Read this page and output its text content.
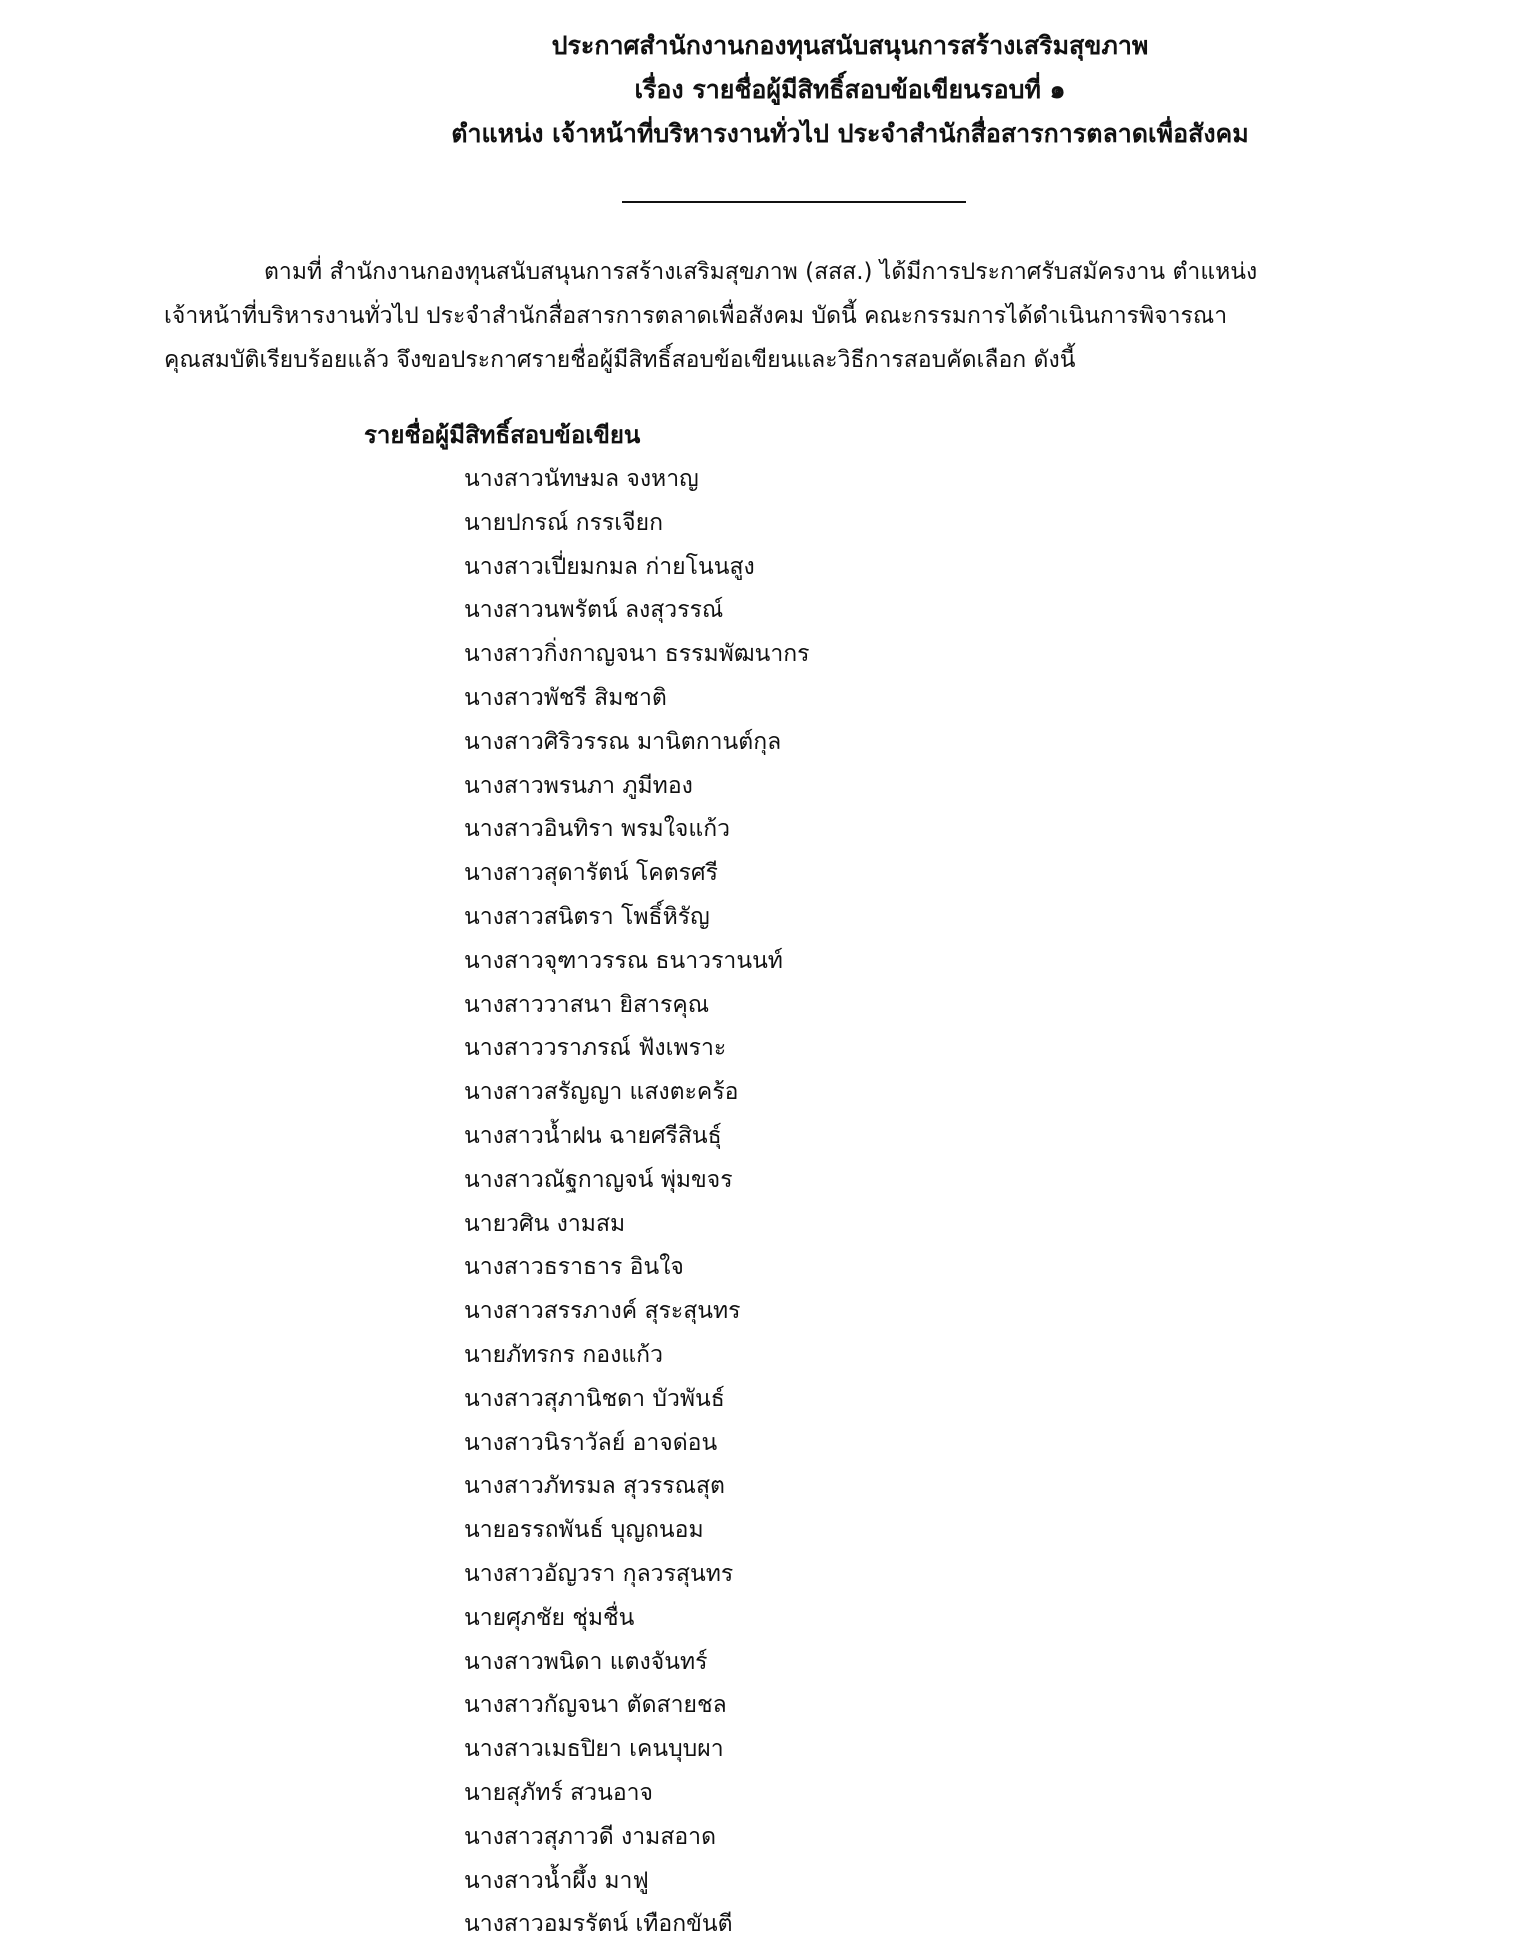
ประกาศสำนักงานกองทุนสนับสนุนการสร้างเสริมสุขภาพ
เรื่อง รายชื่อผู้มีสิทธิ์สอบข้อเขียนรอบที่ ๑
ตำแหน่ง เจ้าหน้าที่บริหารงานทั่วไป ประจำสำนักสื่อสารการตลาดเพื่อสังคม
ตามที่ สำนักงานกองทุนสนับสนุนการสร้างเสริมสุขภาพ (สสส.) ได้มีการประกาศรับสมัครงาน ตำแหน่ง
เจ้าหน้าที่บริหารงานทั่วไป ประจำสำนักสื่อสารการตลาดเพื่อสังคม บัดนี้ คณะกรรมการได้ดำเนินการพิจารณา
คุณสมบัติเรียบร้อยแล้ว จึงขอประกาศรายชื่อผู้มีสิทธิ์สอบข้อเขียนและวิธีการสอบคัดเลือก ดังนี้
รายชื่อผู้มีสิทธิ์สอบข้อเขียน
นางสาวนัทษมล จงหาญ
นายปกรณ์ กรรเจียก
นางสาวเปี่ยมกมล ก่ายโนนสูง
นางสาวนพรัตน์ ลงสุวรรณ์
นางสาวกิ่งกาญจนา ธรรมพัฒนากร
นางสาวพัชรี สิมชาติ
นางสาวศิริวรรณ มานิตกานต์กุล
นางสาวพรนภา ภูมีทอง
นางสาวอินทิรา พรมใจแก้ว
นางสาวสุดารัตน์ โคตรศรี
นางสาวสนิตรา โพธิ์หิรัญ
นางสาวจุฑาวรรณ ธนาวรานนท์
นางสาววาสนา ยิสารคุณ
นางสาววราภรณ์ ฟังเพราะ
นางสาวสรัญญา แสงตะคร้อ
นางสาวน้ำฝน ฉายศรีสินธุ์
นางสาวณัฐกาญจน์ พุ่มขจร
นายวศิน งามสม
นางสาวธราธาร อินใจ
นางสาวสรรภางค์ สุระสุนทร
นายภัทรกร กองแก้ว
นางสาวสุภานิชดา บัวพันธ์
นางสาวนิราวัลย์ อาจด่อน
นางสาวภัทรมล สุวรรณสุต
นายอรรถพันธ์ บุญถนอม
นางสาวอัญวรา กุลวรสุนทร
นายศุภชัย ชุ่มชื่น
นางสาวพนิดา แตงจันทร์
นางสาวกัญจนา ตัดสายชล
นางสาวเมธปิยา เคนบุบผา
นายสุภัทร์ สวนอาจ
นางสาวสุภาวดี งามสอาด
นางสาวน้ำผึ้ง มาฟู
นางสาวอมรรัตน์ เทือกขันตี
